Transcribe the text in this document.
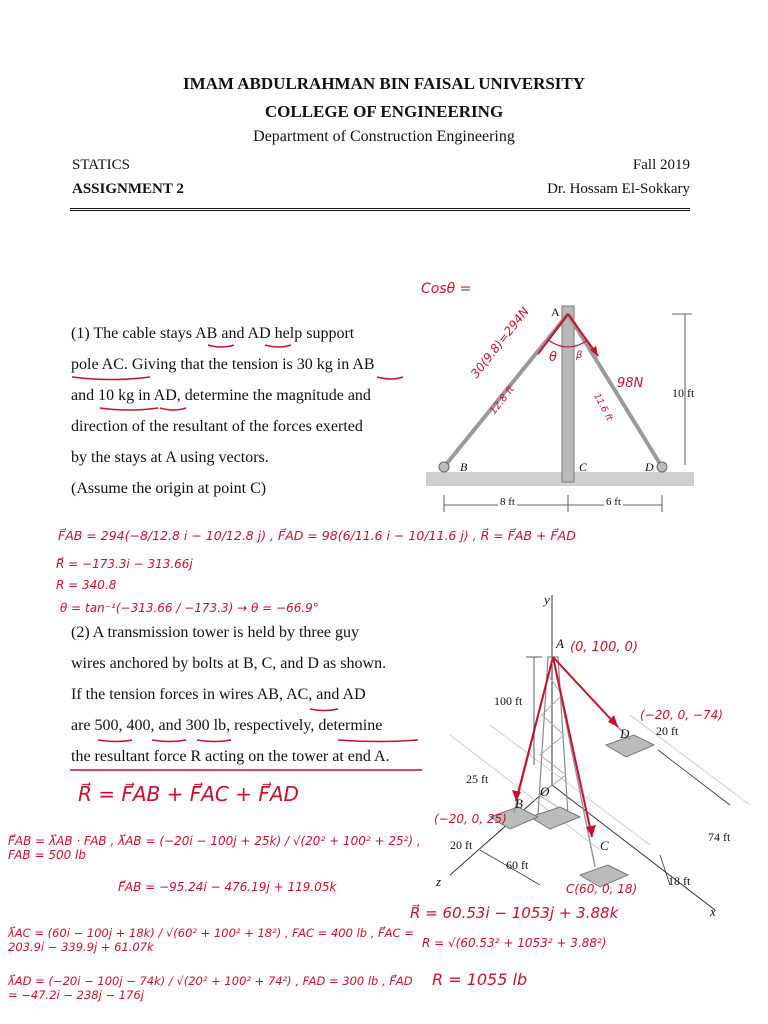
IMAM ABDULRAHMAN BIN FAISAL UNIVERSITY
COLLEGE OF ENGINEERING
Department of Construction Engineering
STATICS	Fall 2019
ASSIGNMENT 2	Dr. Hossam El-Sokkary
(1) The cable stays AB and AD help support
pole AC. Giving that the tension is 30 kg in AB
and 10 kg in AD, determine the magnitude and
direction of the resultant of the forces exerted
by the stays at A using vectors.
(Assume the origin at point C)
A
B	C	D
10 ft
8 ft	6 ft
Cosθ =
30(9.8)=294N
12.8 ft
θ β
98N
11.6 ft
F⃗AB = 294(−8/12.8 i − 10/12.8 j) , F⃗AD = 98(6/11.6 i − 10/11.6 j) , R⃗ = F⃗AB + F⃗AD
R⃗ = −173.3i − 313.66j
R = 340.8
θ = tan⁻¹(−313.66 / −173.3) → θ = −66.9°
(2) A transmission tower is held by three guy
wires anchored by bolts at B, C, and D as shown.
If the tension forces in wires AB, AC, and AD
are 500, 400, and 300 lb, respectively, determine
the resultant force R acting on the tower at end A.
y
z
x
A
B
C
D
O
100 ft
20 ft
25 ft
20 ft
60 ft
74 ft
18 ft
(0, 100, 0)
(−20, 0, −74)
(−20, 0, 25)
C(60, 0, 18)
R⃗ = F⃗AB + F⃗AC + F⃗AD
F⃗AB = λ⃗AB · FAB , λ⃗AB = (−20i − 100j + 25k) / √(20² + 100² + 25²) , FAB = 500 lb
F⃗AB = −95.24i − 476.19j + 119.05k
λ⃗AC = (60i − 100j + 18k) / √(60² + 100² + 18²) , FAC = 400 lb , F⃗AC = 203.9i − 339.9j + 61.07k
λ⃗AD = (−20i − 100j − 74k) / √(20² + 100² + 74²) , FAD = 300 lb , F⃗AD = −47.2i − 238j − 176j
R⃗ = 60.53i − 1053j + 3.88k
R = √(60.53² + 1053² + 3.88²)
R = 1055 lb
